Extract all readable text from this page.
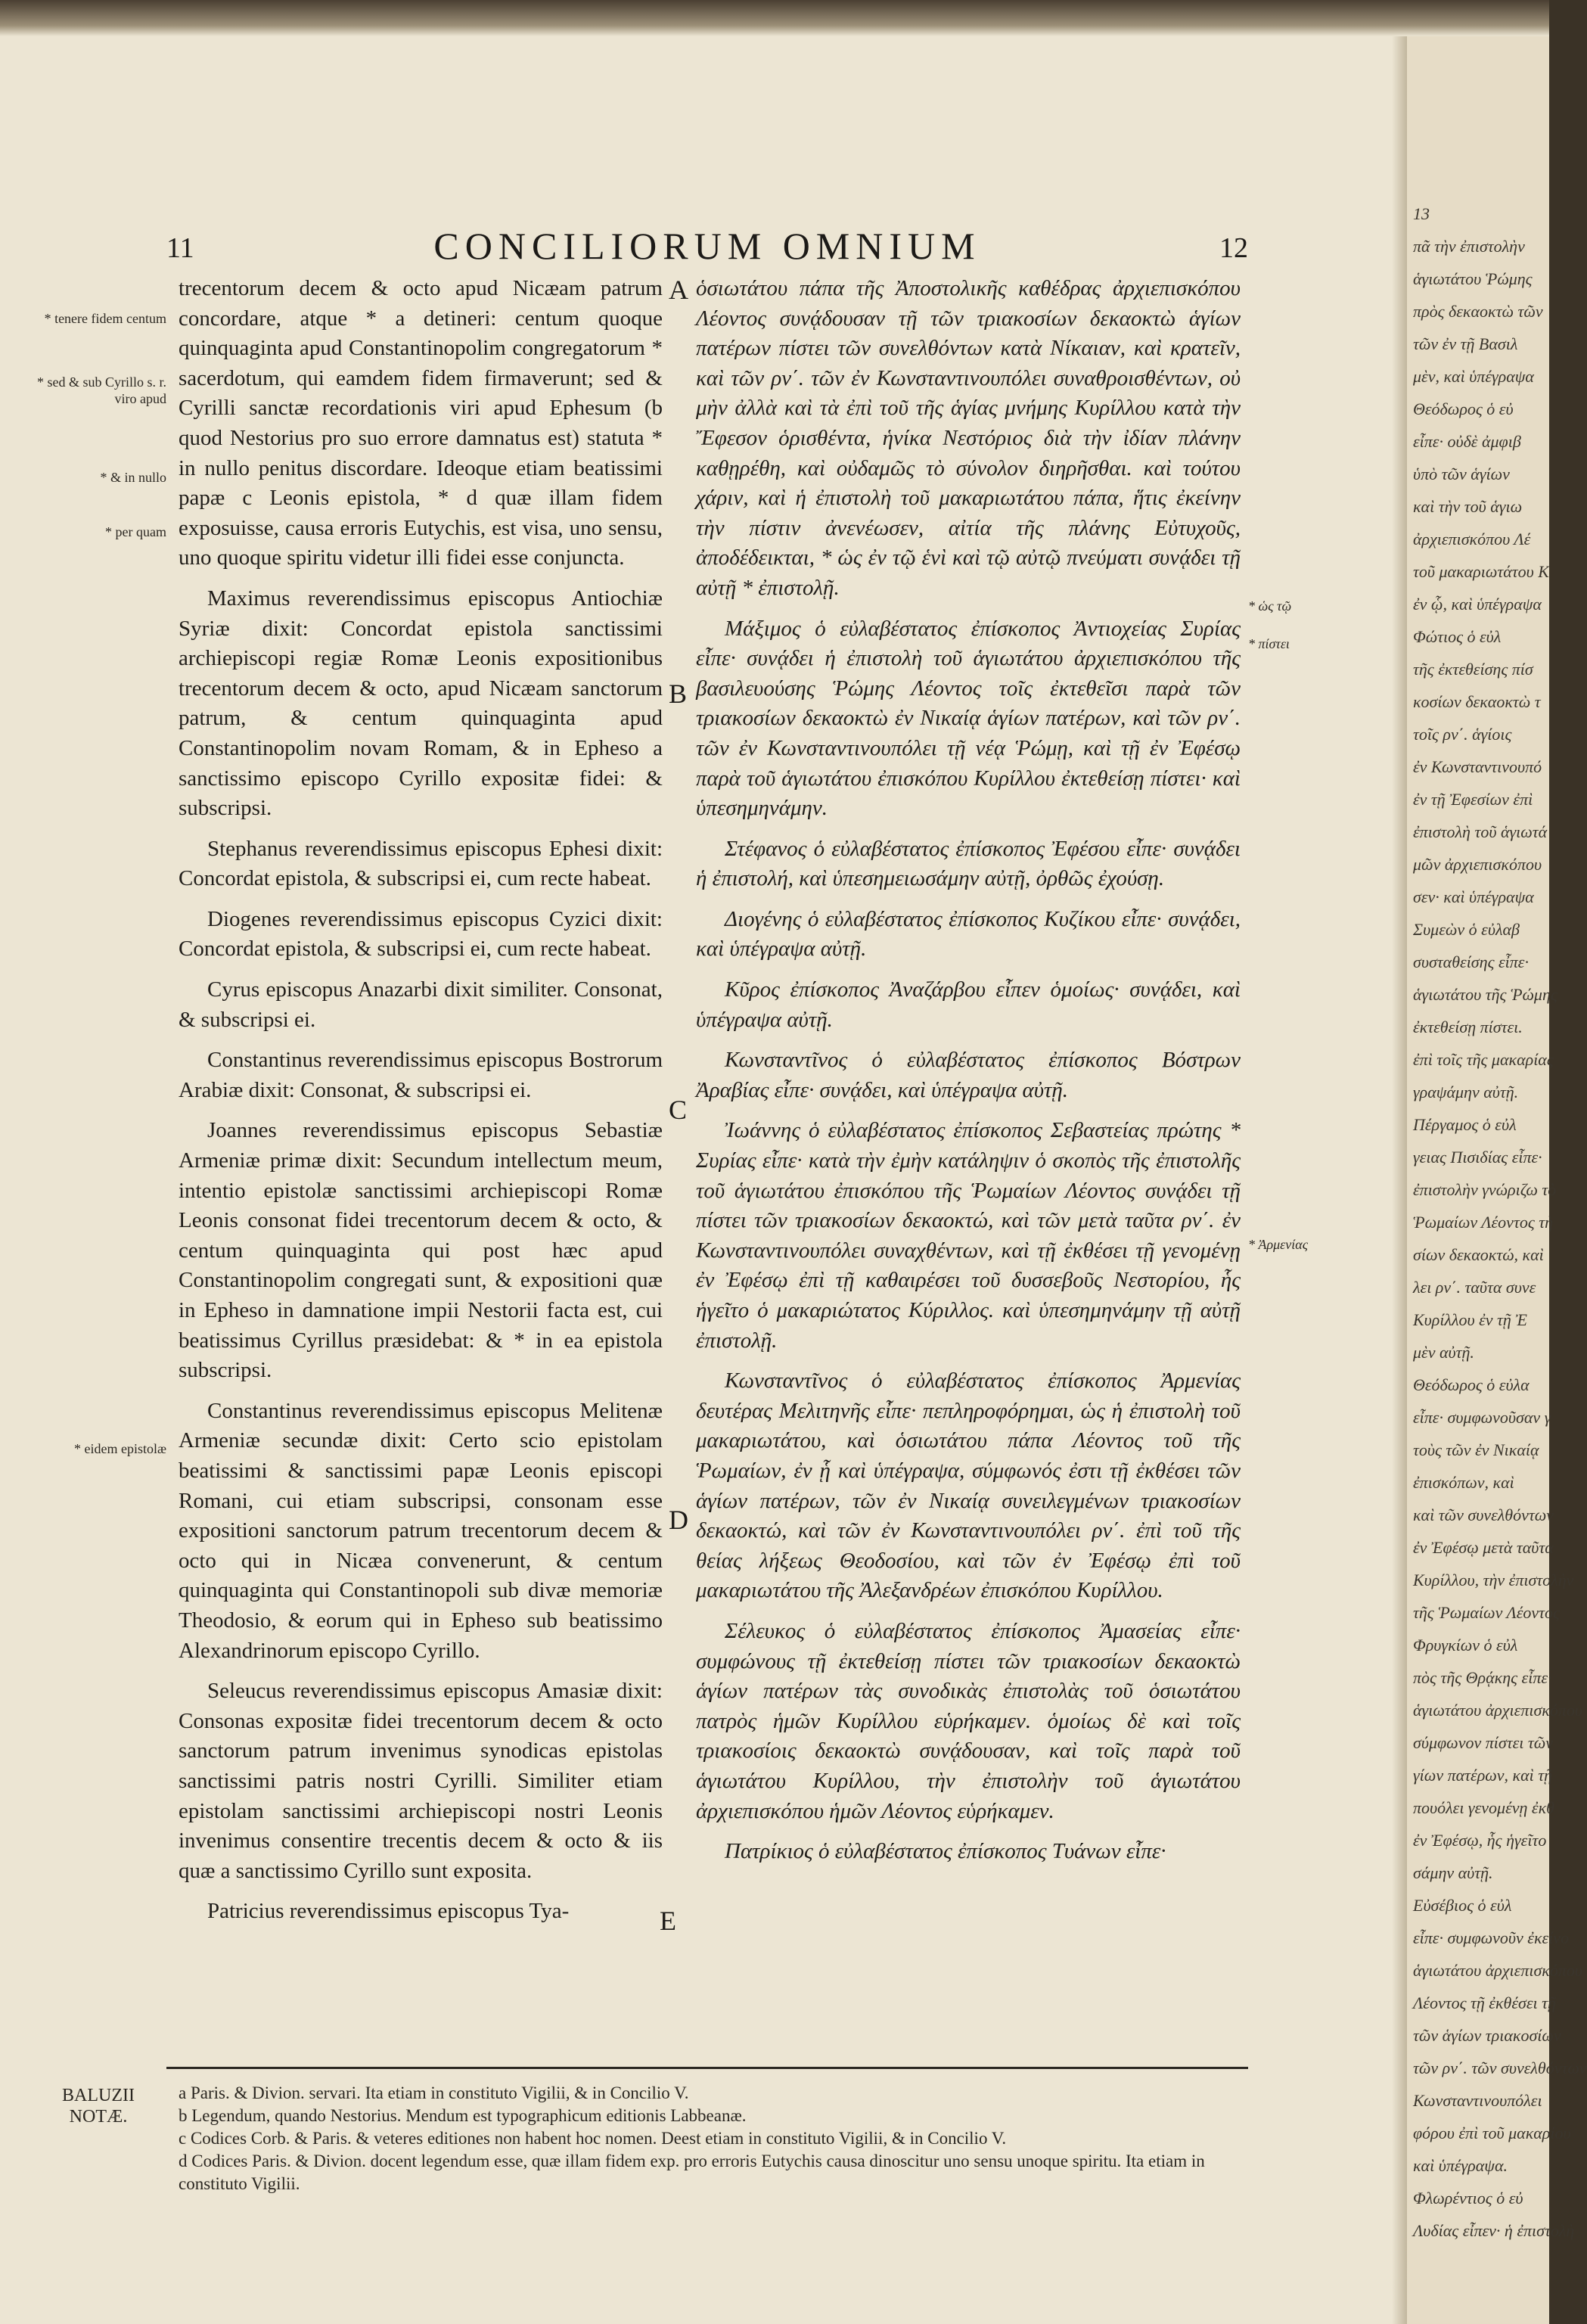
13
πᾶ τὴν ἐπιστολὴν
ἁγιωτάτου Ῥώμης
πρὸς δεκαοκτὼ τῶν
τῶν ἐν τῇ Βασιλ
μὲν, καὶ ὑπέγραψα
Θεόδωρος ὁ εὐ
εἶπε· οὐδὲ ἀμφιβ
ὑπὸ τῶν ἁγίων
καὶ τὴν τοῦ ἁγιω
ἀρχιεπισκόπου Λέ
τοῦ μακαριωτάτου Κ
ἐν ᾧ, καὶ ὑπέγραψα
Φώτιος ὁ εὐλ
τῆς ἐκτεθείσης πίσ
κοσίων δεκαοκτὼ τ
τοῖς ρν΄. ἁγίοις
ἐν Κωνσταντινουπό
ἐν τῇ Ἐφεσίων ἐπὶ
ἐπιστολὴ τοῦ ἁγιωτά
μῶν ἀρχιεπισκόπου
σεν· καὶ ὑπέγραψα
Συμεὼν ὁ εὐλαβ
συσταθείσης εἶπε·
ἁγιωτάτου τῆς Ῥώμης
ἐκτεθείσῃ πίστει.
ἐπὶ τοῖς τῆς μακαρίας
γραψάμην αὐτῇ.
Πέργαμος ὁ εὐλ
γειας Πισιδίας εἶπε·
ἐπιστολὴν γνώριζω τὸ
Ῥωμαίων Λέοντος τὴ
σίων δεκαοκτώ, καὶ
λει ρν΄. ταῦτα συνε
Κυρίλλου ἐν τῇ Ἐ
μὲν αὐτῇ.
Θεόδωρος ὁ εὐλα
εἶπε· συμφωνοῦσαν γ
τοὺς τῶν ἐν Νικαίᾳ
ἐπισκόπων, καὶ
καὶ τῶν συνελθόντων
ἐν Ἐφέσῳ μετὰ ταῦτα
Κυρίλλου, τὴν ἐπιστολὴν
τῆς Ῥωμαίων Λέοντος
Φρυγκίων ὁ εὐλ
πὸς τῆς Θρᾴκης εἶπε·
ἁγιωτάτου ἀρχιεπισκόπου
σύμφωνον πίστει τῶν
γίων πατέρων, καὶ τῇ
πουόλει γενομένῃ ἐκθ
ἐν Ἐφέσῳ, ἧς ἡγεῖτο
σάμην αὐτῇ.
Εὐσέβιος ὁ εὐλ
εἶπε· συμφωνοῦν ἐκείνο
ἁγιωτάτου ἀρχιεπισκόπου
Λέοντος τῇ ἐκθέσει τῇ
τῶν ἁγίων τριακοσίων
τῶν ρν΄. τῶν συνελθόντων
Κωνσταντινουπόλει
φόρου ἐπὶ τοῦ μακαρίου
καὶ ὑπέγραψα.
Φλωρέντιος ὁ εὐ
Λυδίας εἶπεν· ἡ ἐπιστολὴ
11	CONCILIORUM OMNIUM	12

trecentorum decem & octo apud Nicæam patrum concordare, atque * a detineri: centum quoque quinquaginta apud Constantinopolim congregatorum * sacerdotum, qui eamdem fidem firmaverunt; sed & Cyrilli sanctæ recordationis viri apud Ephesum (b quod Nestorius pro suo errore damnatus est) statuta * in nullo penitus discordare. Ideoque etiam beatissimi papæ c Leonis epistola, * d quæ illam fidem exposuisse, causa erroris Eutychis, est visa, uno sensu, uno quoque spiritu videtur illi fidei esse conjuncta.

Maximus reverendissimus episcopus Antiochiæ Syriæ dixit: Concordat epistola sanctissimi archiepiscopi regiæ Romæ Leonis expositionibus trecentorum decem & octo, apud Nicæam sanctorum patrum, & centum quinquaginta apud Constantinopolim novam Romam, & in Epheso a sanctissimo episcopo Cyrillo expositæ fidei: & subscripsi.

Stephanus reverendissimus episcopus Ephesi dixit: Concordat epistola, & subscripsi ei, cum recte habeat.

Diogenes reverendissimus episcopus Cyzici dixit: Concordat epistola, & subscripsi ei, cum recte habeat.

Cyrus episcopus Anazarbi dixit similiter. Consonat, & subscripsi ei.

Constantinus reverendissimus episcopus Bostrorum Arabiæ dixit: Consonat, & subscripsi ei.

Joannes reverendissimus episcopus Sebastiæ Armeniæ primæ dixit: Secundum intellectum meum, intentio epistolæ sanctissimi archiepiscopi Romæ Leonis consonat fidei trecentorum decem & octo, & centum quinquaginta qui post hæc apud Constantinopolim congregati sunt, & expositioni quæ in Epheso in damnatione impii Nestorii facta est, cui beatissimus Cyrillus præsidebat: & * in ea epistola subscripsi.

Constantinus reverendissimus episcopus Melitenæ Armeniæ secundæ dixit: Certo scio epistolam beatissimi & sanctissimi papæ Leonis episcopi Romani, cui etiam subscripsi, consonam esse expositioni sanctorum patrum trecentorum decem & octo qui in Nicæa convenerunt, & centum quinquaginta qui Constantinopoli sub divæ memoriæ Theodosio, & eorum qui in Epheso sub beatissimo Alexandrinorum episcopo Cyrillo.

Seleucus reverendissimus episcopus Amasiæ dixit: Consonas expositæ fidei trecentorum decem & octo sanctorum patrum invenimus synodicas epistolas sanctissimi patris nostri Cyrilli. Similiter etiam epistolam sanctissimi archiepiscopi nostri Leonis invenimus consentire trecentis decem & octo & iis quæ a sanctissimo Cyrillo sunt exposita.

Patricius reverendissimus episcopus Tya-

ὁσιωτάτου πάπα τῆς Ἀποστολικῆς καθέδρας ἀρχιεπισκόπου Λέοντος συνᾴδουσαν τῇ τῶν τριακοσίων δεκαοκτὼ ἁγίων πατέρων πίστει τῶν συνελθόντων κατὰ Νίκαιαν, καὶ κρατεῖν, καὶ τῶν ρν΄. τῶν ἐν Κωνσταντινουπόλει συναθροισθέντων, οὐ μὴν ἀλλὰ καὶ τὰ ἐπὶ τοῦ τῆς ἁγίας μνήμης Κυρίλλου κατὰ τὴν Ἔφεσον ὁρισθέντα, ἡνίκα Νεστόριος διὰ τὴν ἰδίαν πλάνην καθῃρέθη, καὶ οὐδαμῶς τὸ σύνολον διηρῆσθαι. καὶ τούτου χάριν, καὶ ἡ ἐπιστολὴ τοῦ μακαριωτάτου πάπα, ἥτις ἐκείνην τὴν πίστιν ἀνενέωσεν, αἰτία τῆς πλάνης Εὐτυχοῦς, ἀποδέδεικται, * ὡς ἐν τῷ ἑνὶ καὶ τῷ αὐτῷ πνεύματι συνᾴδει τῇ αὐτῇ * ἐπιστολῇ.

Μάξιμος ὁ εὐλαβέστατος ἐπίσκοπος Ἀντιοχείας Συρίας εἶπε· συνᾴδει ἡ ἐπιστολὴ τοῦ ἁγιωτάτου ἀρχιεπισκόπου τῆς βασιλευούσης Ῥώμης Λέοντος τοῖς ἐκτεθεῖσι παρὰ τῶν τριακοσίων δεκαοκτὼ ἐν Νικαίᾳ ἁγίων πατέρων, καὶ τῶν ρν΄. τῶν ἐν Κωνσταντινουπόλει τῇ νέᾳ Ῥώμῃ, καὶ τῇ ἐν Ἐφέσῳ παρὰ τοῦ ἁγιωτάτου ἐπισκόπου Κυρίλλου ἐκτεθείσῃ πίστει· καὶ ὑπεσημηνάμην.

Στέφανος ὁ εὐλαβέστατος ἐπίσκοπος Ἐφέσου εἶπε· συνᾴδει ἡ ἐπιστολή, καὶ ὑπεσημειωσάμην αὐτῇ, ὀρθῶς ἐχούσῃ.

Διογένης ὁ εὐλαβέστατος ἐπίσκοπος Κυζίκου εἶπε· συνᾴδει, καὶ ὑπέγραψα αὐτῇ.

Κῦρος ἐπίσκοπος Ἀναζάρβου εἶπεν ὁμοίως· συνᾴδει, καὶ ὑπέγραψα αὐτῇ.

Κωνσταντῖνος ὁ εὐλαβέστατος ἐπίσκοπος Βόστρων Ἀραβίας εἶπε· συνᾴδει, καὶ ὑπέγραψα αὐτῇ.

Ἰωάννης ὁ εὐλαβέστατος ἐπίσκοπος Σεβαστείας πρώτης * Συρίας εἶπε· κατὰ τὴν ἐμὴν κατάληψιν ὁ σκοπὸς τῆς ἐπιστολῆς τοῦ ἁγιωτάτου ἐπισκόπου τῆς Ῥωμαίων Λέοντος συνᾴδει τῇ πίστει τῶν τριακοσίων δεκαοκτώ, καὶ τῶν μετὰ ταῦτα ρν΄. ἐν Κωνσταντινουπόλει συναχθέντων, καὶ τῇ ἐκθέσει τῇ γενομένῃ ἐν Ἐφέσῳ ἐπὶ τῇ καθαιρέσει τοῦ δυσσεβοῦς Νεστορίου, ἧς ἡγεῖτο ὁ μακαριώτατος Κύριλλος. καὶ ὑπεσημηνάμην τῇ αὐτῇ ἐπιστολῇ.

Κωνσταντῖνος ὁ εὐλαβέστατος ἐπίσκοπος Ἀρμενίας δευτέρας Μελιτηνῆς εἶπε· πεπληροφόρημαι, ὡς ἡ ἐπιστολὴ τοῦ μακαριωτάτου, καὶ ὁσιωτάτου πάπα Λέοντος τοῦ τῆς Ῥωμαίων, ἐν ᾗ καὶ ὑπέγραψα, σύμφωνός ἐστι τῇ ἐκθέσει τῶν ἁγίων πατέρων, τῶν ἐν Νικαίᾳ συνειλεγμένων τριακοσίων δεκαοκτώ, καὶ τῶν ἐν Κωνσταντινουπόλει ρν΄. ἐπὶ τοῦ τῆς θείας λήξεως Θεοδοσίου, καὶ τῶν ἐν Ἐφέσῳ ἐπὶ τοῦ μακαριωτάτου τῆς Ἀλεξανδρέων ἐπισκόπου Κυρίλλου.

Σέλευκος ὁ εὐλαβέστατος ἐπίσκοπος Ἀμασείας εἶπε· συμφώνους τῇ ἐκτεθείσῃ πίστει τῶν τριακοσίων δεκαοκτὼ ἁγίων πατέρων τὰς συνοδικὰς ἐπιστολὰς τοῦ ὁσιωτάτου πατρὸς ἡμῶν Κυρίλλου εὑρήκαμεν. ὁμοίως δὲ καὶ τοῖς τριακοσίοις δεκαοκτὼ συνᾴδουσαν, καὶ τοῖς παρὰ τοῦ ἁγιωτάτου Κυρίλλου, τὴν ἐπιστολὴν τοῦ ἁγιωτάτου ἀρχιεπισκόπου ἡμῶν Λέοντος εὑρήκαμεν.

Πατρίκιος ὁ εὐλαβέστατος ἐπίσκοπος Τυάνων εἶπε·

* tenere fidem centum
* sed & sub Cyrillo s. r. viro apud
* & in nullo
* per quam
* eidem epistolæ
* ὡς τῷ
* πίστει
* Ἀρμενίας
A
B
C
D
E
BALUZII NOTÆ.
a Paris. & Divion. servari. Ita etiam in constituto Vigilii, & in Concilio V.
b Legendum, quando Nestorius. Mendum est typographicum editionis Labbeanæ.
c Codices Corb. & Paris. & veteres editiones non habent hoc nomen. Deest etiam in constituto Vigilii, & in Concilio V.
d Codices Paris. & Divion. docent legendum esse, quæ illam fidem exp. pro erroris Eutychis causa dinoscitur uno sensu unoque spiritu. Ita etiam in constituto Vigilii.
